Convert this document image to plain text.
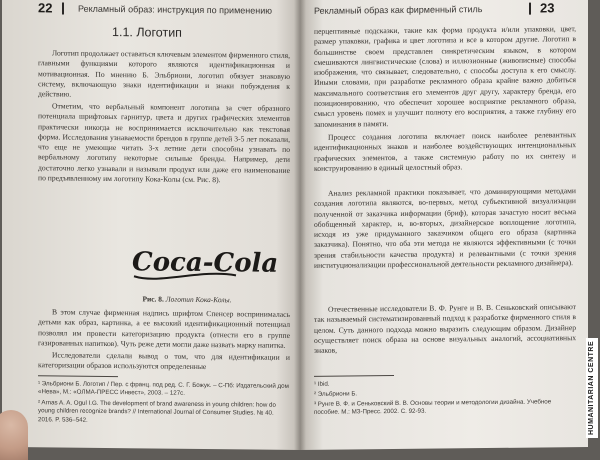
22	Рекламный образ: инструкция по применению
1.1. Логотип

Логотип продолжает оставаться ключевым элементом фирменного стиля, главными функциями которого являются идентификационная и мотивационная. По мнению Б. Эльбриони, логотип обязует знаковую систему, включающую знаки идентификации и знаки побуждения к действию.

Отметим, что вербальный компонент логотипа за счет образного потенциала шрифтовых гарнитур, цвета и других графических элементов практически никогда не воспринимается исключительно как текстовая форма. Исследования узнаваемости брендов в группе детей 3-5 лет показали, что еще не умеющие читать 3-х летние дети способны узнавать по вербальному логотипу некоторые сильные бренды. Например, дети достаточно легко узнавали и называли продукт или даже его наименование по предъявленному им логотипу Кока-Колы (см. Рис. 8).

Coca-Cola
Рис. 8. Логотип Кока-Колы.

В этом случае фирменная надпись шрифтом Спенсер воспринималась детьми как образ, картинка, а ее высокий идентификационный потенциал позволял им провести категоризацию продукта (отнести его в группе газированных напитков). Чуть реже дети могли даже назвать марку напитка.

Исследователи сделали вывод о том, что для идентификации и категоризации образов используются определенные

¹ Эльбриони Б. Логотип / Пер. с франц. под ред. С. Г. Божук. – С-Пб: Издательский дом «Нева», М.: «ОЛМА-ПРЕСС Инвест», 2003. – 127с.

² Arnas A. A. Ogul I.G. The development of brand awareness in young children: how do young children recognize brands? // International Journal of Consumer Studies. № 40. 2016. P. 536–542.

Рекламный образ как фирменный стиль	23

перцептивные подсказки, такие как форма продукта и/или упаковки, цвет, размер упаковки, графика и цвет логотипа и все в котором другие. Логотип в большинстве своем представлен синкретическим языком, в котором смешиваются лингвистические (слова) и иллюзионные (живописные) способы изображения, что связывает, следовательно, с способы доступа к его смыслу. Иными словами, при разработке рекламного образа крайне важно добиться максимального соответствия его элементов друг другу, характеру бренда, его позиционированию, что обеспечит хорошее восприятие рекламного образа, смысл уровень помех и улучшит полноту его восприятия, а также глубину его запоминания в памяти.

Процесс создания логотипа включает поиск наиболее релевантных идентификационных знаков и наиболее воздействующих интенциональных графических элементов, а также системную работу по их синтезу и конструированию в единый целостный образ.

Анализ рекламной практики показывает, что доминирующими методами создания логотипа являются, во-первых, метод субъективной визуализации полученной от заказчика информации (бриф), которая зачастую носит весьма обобщенный характер, и, во-вторых, дизайнерское воплощение логотипа, исходя из уже придуманного заказчиком общего его образа (картинка заказчика). Понятно, что оба эти метода не являются эффективными (с точки зрения стабильности качества продукта) и релевантными (с точки зрения институционализации профессиональной деятельности рекламного дизайнера).

Отечественные исследователи В. Ф. Рунге и В. В. Сеньковский описывают так называемый систематизированный подход к разработке фирменного стиля в целом. Суть данного подхода можно выразить следующим образом. Дизайнер осуществляет поиск образа на основе визуальных аналогий, ассоциативных знаков,

¹ Ibid.

² Эльбриони Б.

³ Рунге В. Ф. и Сеньковский В. В. Основы теории и методологии дизайна. Учебное пособие. М.: МЗ-Пресс. 2002. С. 92-93.	HUMANITARIAN CENTRE
